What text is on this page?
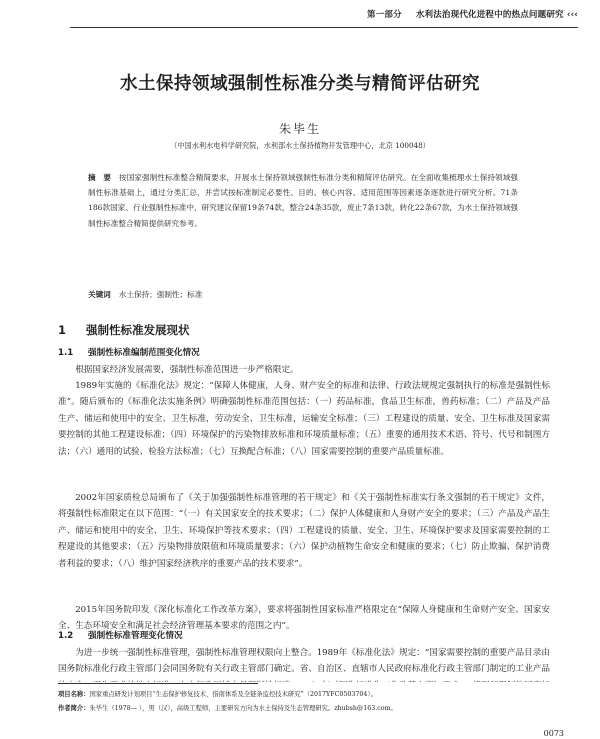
第一部分 水利法治现代化进程中的热点问题研究 ‹‹‹
水土保持领域强制性标准分类与精简评估研究
朱毕生
（中国水利水电科学研究院，水利部水土保持植物开发管理中心，北京 100048）
摘　要 按国家强制性标准整合精简要求，开展水土保持领域强制性标准分类和精简评估研究。在全面收集梳理水土保持领域强制性标准基础上，通过分类汇总，并尝试按标准制定必要性、目的、核心内容、适用范围等因素逐条逐款进行研究分析。71条186款国家、行业强制性标准中，研究建议保留19条74款，整合24条35款，废止7条13款，转化22条67款，为水土保持领域强制性标准整合精简提供研究参考。
关键词 水土保持；强制性；标准
1 强制性标准发展现状
1.1 强制性标准编制范围变化情况
根据国家经济发展需要，强制性标准范围进一步严格限定。
1989年实施的《标准化法》规定：“保障人体健康，人身、财产安全的标准和法律、行政法规规定强制执行的标准是强制性标准”。随后颁布的《标准化法实施条例》明确强制性标准范围包括：（一）药品标准，食品卫生标准，兽药标准；（二）产品及产品生产、储运和使用中的安全、卫生标准，劳动安全、卫生标准，运输安全标准；（三）工程建设的质量、安全、卫生标准及国家需要控制的其他工程建设标准；（四）环境保护的污染物排放标准和环境质量标准；（五）重要的通用技术术语、符号、代号和制图方法；（六）通用的试验、检验方法标准；（七）互换配合标准；（八）国家需要控制的重要产品质量标准。
2002年国家质检总局颁布了《关于加强强制性标准管理的若干规定》和《关于强制性标准实行条文强制的若干规定》文件，将强制性标准限定在以下范围：“（一）有关国家安全的技术要求；（二）保护人体健康和人身财产安全的要求；（三）产品及产品生产、储运和使用中的安全、卫生、环境保护等技术要求；（四）工程建设的质量、安全、卫生、环境保护要求及国家需要控制的工程建设的其他要求；（五）污染物排放限值和环境质量要求；（六）保护动植物生命安全和健康的要求；（七）防止欺骗、保护消费者利益的要求；（八）维护国家经济秩序的重要产品的技术要求”。
2015年国务院印发《深化标准化工作改革方案》，要求将强制性国家标准严格限定在“保障人身健康和生命财产安全、国家安全、生态环境安全和满足社会经济管理基本要求的范围之内”。
1.2 强制性标准管理变化情况
为进一步统一强制性标准管理，强制性标准管理权限向上整合。1989年《标准化法》规定：“国家需要控制的重要产品目录由国务院标准化行政主管部门会同国务院有关行政主管部门确定。省、自治区、直辖市人民政府标准化行政主管部门制定的工业产品
项目名称：国家重点研发计划项目“生态保护修复技术、指南体系及全链条监控技术研究”（2017YFC0503704）。
作者简介：朱毕生（1978— ），男（汉），高级工程师，主要研究方向为水土保持及生态管理研究。zhubsh@163.com。
0073
